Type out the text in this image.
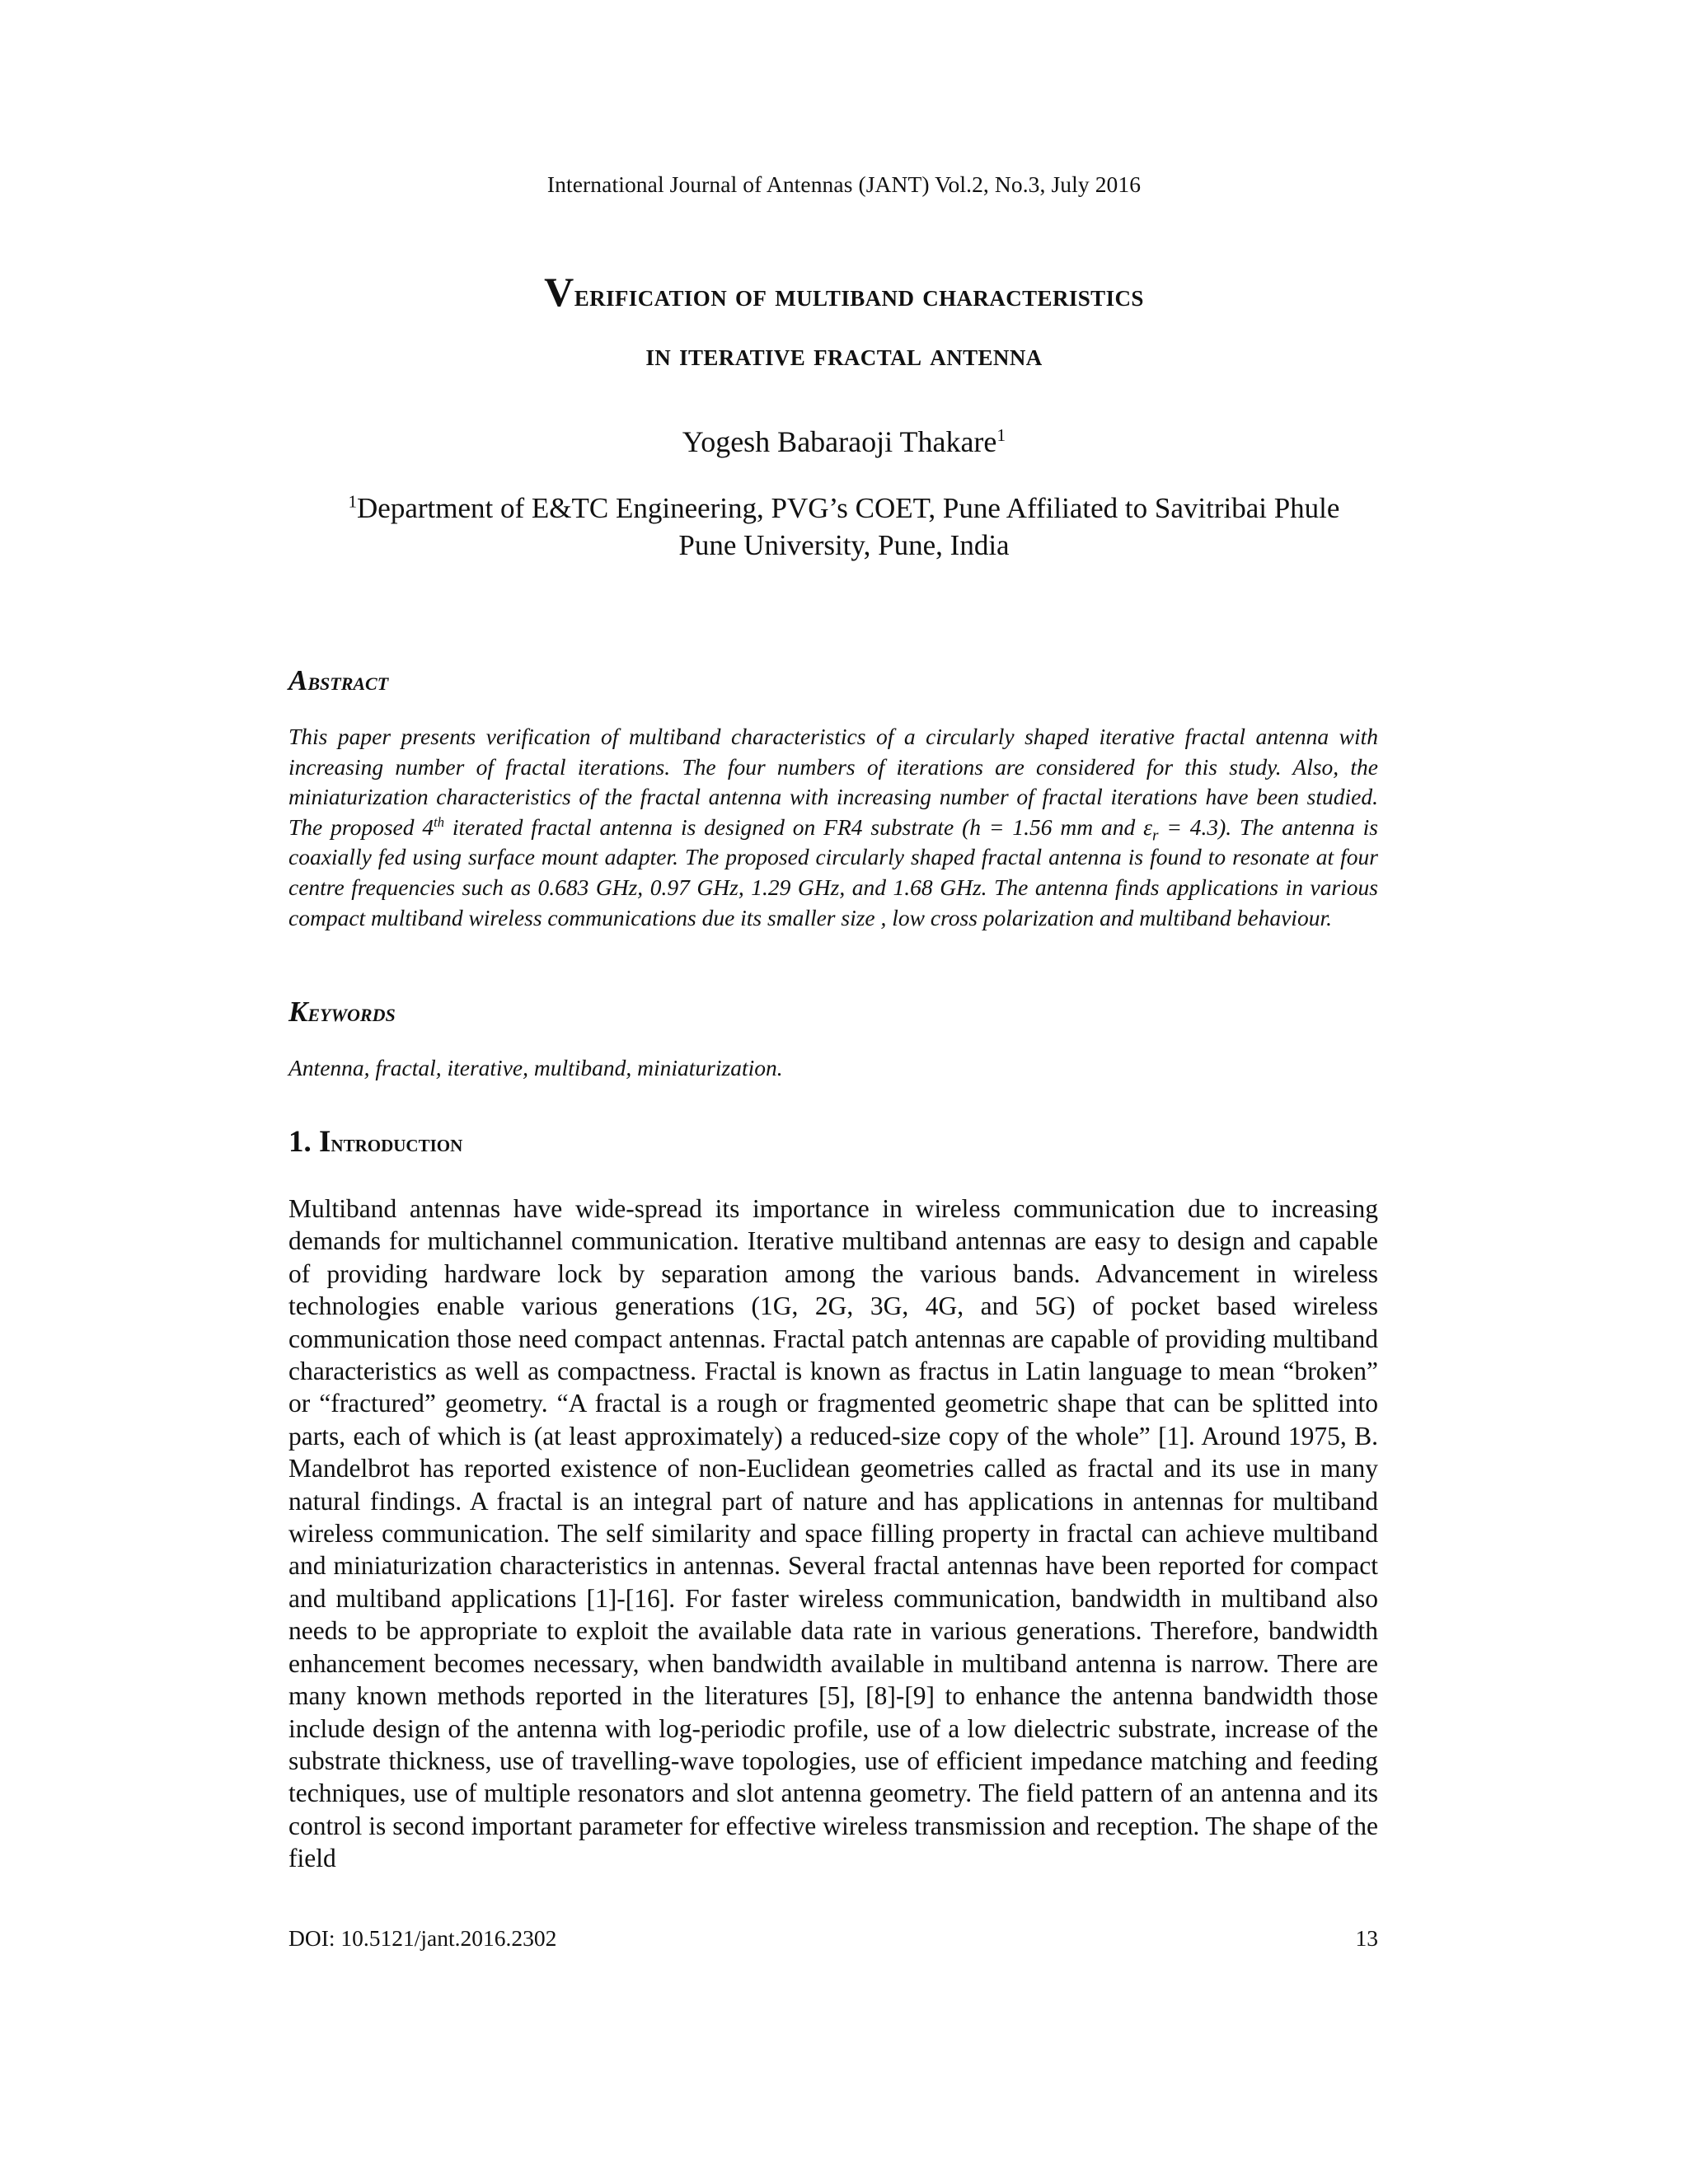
International Journal of Antennas (JANT) Vol.2, No.3, July 2016
Verification of multiband characteristics
in iterative fractal antenna
Yogesh Babaraoji Thakare$^1$
$^1$Department of E&TC Engineering, PVG’s COET, Pune Affiliated to Savitribai Phule
Pune University, Pune, India
Abstract

This paper presents verification of multiband characteristics of a circularly shaped iterative fractal antenna with increasing number of fractal iterations. The four numbers of iterations are considered for this study. Also, the miniaturization characteristics of the fractal antenna with increasing number of fractal iterations have been studied. The proposed 4th iterated fractal antenna is designed on FR4 substrate (h = 1.56 mm and $\varepsilon_r = 4.3$). The antenna is coaxially fed using surface mount adapter. The proposed circularly shaped fractal antenna is found to resonate at four centre frequencies such as 0.683 GHz, 0.97 GHz, 1.29 GHz, and 1.68 GHz. The antenna finds applications in various compact multiband wireless communications due its smaller size , low cross polarization and multiband behaviour.

Keywords

Antenna, fractal, iterative, multiband, miniaturization.

1. Introduction

Multiband antennas have wide-spread its importance in wireless communication due to increasing demands for multichannel communication. Iterative multiband antennas are easy to design and capable of providing hardware lock by separation among the various bands. Advancement in wireless technologies enable various generations (1G, 2G, 3G, 4G, and 5G) of pocket based wireless communication those need compact antennas. Fractal patch antennas are capable of providing multiband characteristics as well as compactness. Fractal is known as fractus in Latin language to mean “broken” or “fractured” geometry. “A fractal is a rough or fragmented geometric shape that can be splitted into parts, each of which is (at least approximately) a reduced-size copy of the whole” [1]. Around 1975, B. Mandelbrot has reported existence of non-Euclidean geometries called as fractal and its use in many natural findings. A fractal is an integral part of nature and has applications in antennas for multiband wireless communication. The self similarity and space filling property in fractal can achieve multiband and miniaturization characteristics in antennas. Several fractal antennas have been reported for compact and multiband applications [1]-[16]. For faster wireless communication, bandwidth in multiband also needs to be appropriate to exploit the available data rate in various generations. Therefore, bandwidth enhancement becomes necessary, when bandwidth available in multiband antenna is narrow. There are many known methods reported in the literatures [5], [8]-[9] to enhance the antenna bandwidth those include design of the antenna with log-periodic profile, use of a low dielectric substrate, increase of the substrate thickness, use of travelling-wave topologies, use of efficient impedance matching and feeding techniques, use of multiple resonators and slot antenna geometry. The field pattern of an antenna and its control is second important parameter for effective wireless transmission and reception. The shape of the field

DOI: 10.5121/jant.2016.2302	13
